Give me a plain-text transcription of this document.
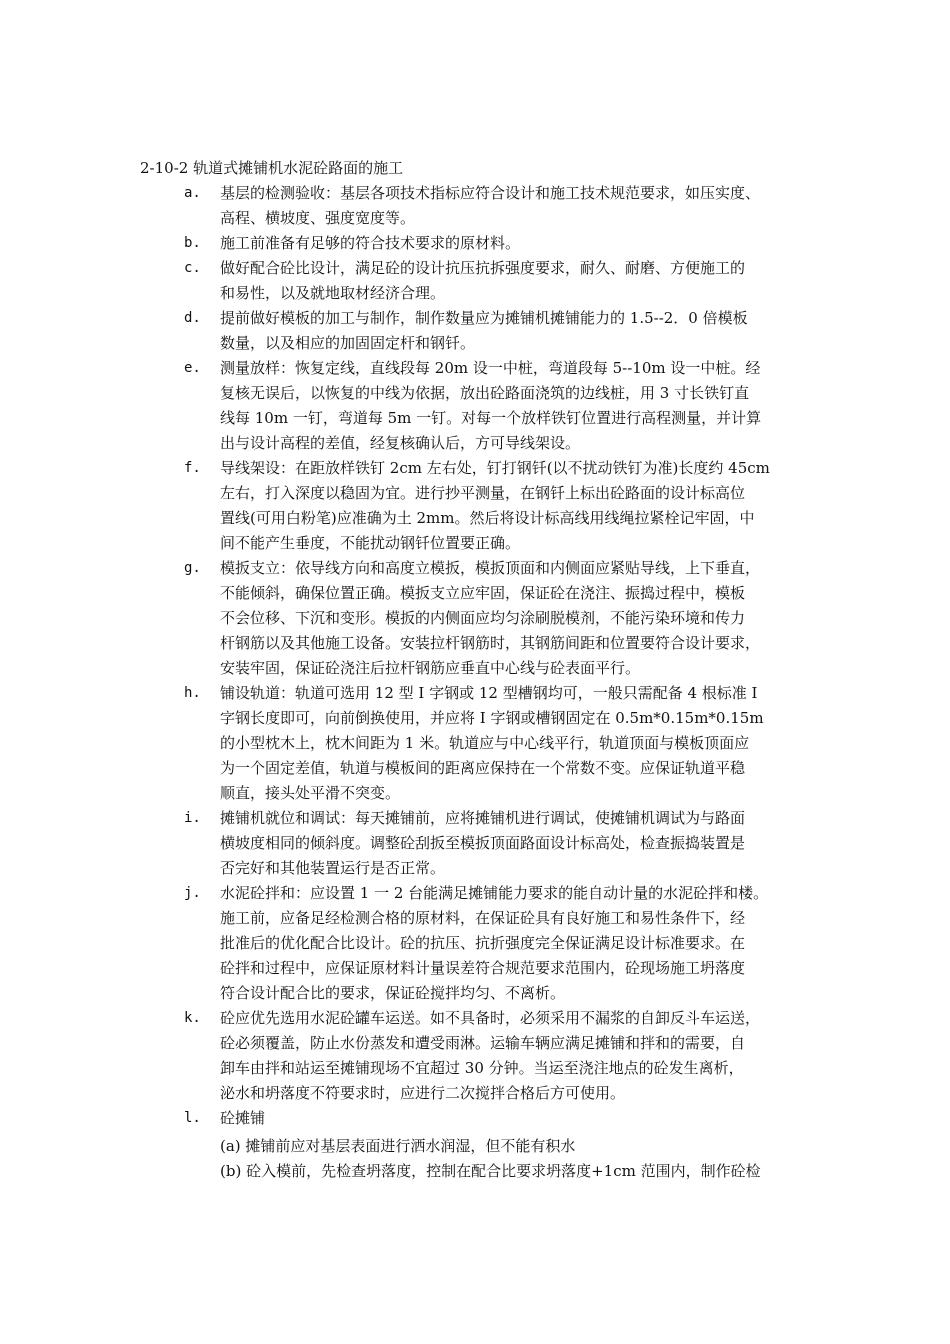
2-10-2 轨道式摊铺机水泥砼路面的施工
a.	基层的检测验收：基层各项技术指标应符合设计和施工技术规范要求，如压实度、
高程、横坡度、强度宽度等。
b.	施工前准备有足够的符合技术要求的原材料。
c.	做好配合砼比设计，满足砼的设计抗压抗拆强度要求，耐久、耐磨、方便施工的
和易性，以及就地取材经济合理。
d.	提前做好模板的加工与制作，制作数量应为摊铺机摊铺能力的 1.5--2．0 倍模板
数量，以及相应的加固固定杆和钢钎。
e.	测量放样：恢复定线，直线段每 20m 设一中桩，弯道段每 5--10m 设一中桩。经
复核无误后，以恢复的中线为依据，放出砼路面浇筑的边线桩，用 3 寸长铁钉直
线每 10m 一钉，弯道每 5m 一钉。对每一个放样铁钉位置进行高程测量，并计算
出与设计高程的差值，经复核确认后，方可导线架设。
f.	导线架设：在距放样铁钉 2cm 左右处，钉打钢钎(以不扰动铁钉为准)长度约 45cm
左右，打入深度以稳固为宜。进行抄平测量，在钢钎上标出砼路面的设计标高位
置线(可用白粉笔)应准确为土 2mm。然后将设计标高线用线绳拉紧栓记牢固，中
间不能产生垂度，不能扰动钢钎位置要正确。
g.	模扳支立：依导线方向和高度立模扳，模扳顶面和内侧面应紧贴导线，上下垂直，
不能倾斜，确保位置正确。模扳支立应牢固，保证砼在浇注、振捣过程中，模板
不会位移、下沉和变形。模扳的内侧面应均匀涂刷脱模剂，不能污染环境和传力
杆钢筋以及其他施工设备。安装拉杆钢筋时，其钢筋间距和位置要符合设计要求，
安装牢固，保证砼浇注后拉杆钢筋应垂直中心线与砼表面平行。
h.	铺设轨道：轨道可选用 12 型 I 字钢或 12 型槽钢均可，一般只需配备 4 根标准 I
字钢长度即可，向前倒换使用，并应将 I 字钢或槽钢固定在 0.5m*0.15m*0.15m
的小型枕木上，枕木间距为 1 米。轨道应与中心线平行，轨道顶面与模板顶面应
为一个固定差值，轨道与模板间的距离应保持在一个常数不变。应保证轨道平稳
顺直，接头处平滑不突变。
i.	摊铺机就位和调试：每天摊铺前，应将摊铺机进行调试，使摊铺机调试为与路面
横坡度相同的倾斜度。调整砼刮扳至模扳顶面路面设计标高处，检查振捣装置是
否完好和其他装置运行是否正常。
j.	水泥砼拌和：应设置 1 一 2 台能满足摊铺能力要求的能自动计量的水泥砼拌和楼。
施工前，应备足经检测合格的原材料，在保证砼具有良好施工和易性条件下，经
批准后的优化配合比设计。砼的抗压、抗折强度完全保证满足设计标准要求。在
砼拌和过程中，应保证原材料计量误差符合规范要求范围内，砼现场施工坍落度
符合设计配合比的要求，保证砼搅拌均匀、不离析。
k.	砼应优先选用水泥砼罐车运送。如不具备时，必须采用不漏浆的自卸反斗车运送，
砼必须覆盖，防止水份蒸发和遭受雨淋。运输车辆应满足摊铺和拌和的需要，自
卸车由拌和站运至摊铺现场不宜超过 30 分钟。当运至浇注地点的砼发生离析，
泌水和坍落度不符要求时，应进行二次搅拌合格后方可使用。
l.	砼摊铺
(a) 摊铺前应对基层表面进行洒水润湿，但不能有积水
(b) 砼入模前，先检查坍落度，控制在配合比要求坍落度+1cm 范围内，制作砼检
